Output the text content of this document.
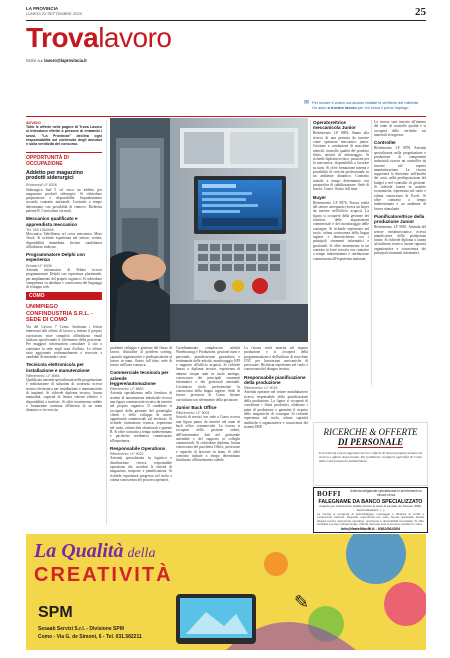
LA PROVINCIA
LUNEDÌ 22 SETTEMBRE 2025	25
Trovalavoro
Scrivi a ▸ lavoro@laprovincia.it
✉ Per inviare il vostro curriculum visitate le verifiche del mittente.
Un aiuto a trovare lavoro per chi cerca il primo impiego
AVVISO
Tutte le offerte nelle pagine di Trova Lavoro si intendono riferite a persone di entrambi i sessi. "La Provincia" declina ogni responsabilità sul contenuto degli annunci e sulla veridicità del concorso.
OPPORTUNITÀ DI OCCUPAZIONE
Addetto per magazzino prodotti siderurgici
Erbamont/ LF 8306
Siderurgica Sud 5 srl cerca un addetto per magazzino prodotti siderurgici. Si richiedono preparazione e disponibilità. Inquadramento secondo contratto nazionale. Contratto a tempo determinato con possibilità di rinnovo. Richiesta patente B. Curriculum via mail.
Meccanico qualificato e apprendista meccanico
Tel. 349 1364948
Meccanica Valtellinese srl cerca meccanico Moto Truck. Si richiede esperienza nel settore, serietà, disponibilità immediata. Inviare candidatura all'indirizzo indicato.
Programmatore Delphi con esperienza
Erbaia/ LF 8308
Azienda informatica di Erbaia ricerca programmatore Delphi con esperienza pluriennale, per ampliamento del proprio organico. Si richiedono competenze su database e conoscenza dei linguaggi di sviluppo web.
COMO
UNIMPIEGO CONFINDUSTRIA S.R.L. - SEDE DI COMO
Via del Lavoro 7 Como. Invitiamo i lettori interessati alle offerte di lavoro a inviare il proprio curriculum vitae completo all'indirizzo email indicato specificando il riferimento della posizione. Per maggiori informazioni consultare il sito o contattare la sede negli orari d'ufficio. Le offerte sono aggiornate settimanalmente e riservate a candidati di entrambi i sessi.
Tecnico/a elettronico/a per installazione e manutenzione
Riferimento: LF 8984
Qualificata azienda specializzata nella progettazione e realizzazione di soluzioni di sicurezza ricerca tecnico elettronico per installazione e manutenzione di impianti. Si richiede diploma tecnico, buona manualità, capacità di lettura schemi elettrici e disponibilità a trasferte. Si offre inserimento stabile e formazione continua all'interno di un team dinamico e in crescita.
problemi sviluppo e gestione del flusso di lavoro. Attitudine al problem solving, capacità organizzative e predisposizione al lavoro in team. Orario full time, sede di lavoro nell'area comasca.
Commerciale tecnico/a per aziende leggere/automazione
Riferimento: LF 8863
Azienda specializzata nella fornitura di sistemi di automazione industriale ricerca una figura commerciale tecnica da inserire nel proprio organico. Il candidato si occuperà della gestione del portafoglio clienti e dello sviluppo di nuove opportunità commerciali sul territorio. Si richiede formazione tecnica, esperienza nel ruolo, ottime doti relazionali e patente B. Si offre contratto a tempo indeterminato e pacchetto retributivo commisurato all'esperienza.
Responsabile Operations
Riferimento: LF 9022
Azienda specializzata in logistica e distribuzione ricerca responsabile operations che coordini le attività di magazzino, trasporto e pianificazione. Si richiede esperienza pregressa nel ruolo e ottima conoscenza dei processi operativi.
Coordinamento complessivo attività Warehousing e Produzione, gestione turni e personale, pianificazione giornaliera e settimanale delle attività, monitoraggio KPI e supporto all'ufficio acquisti. Si richiede laurea o diploma tecnico, esperienza di almeno cinque anni in ruolo analogo, conoscenza dei principali strumenti informatici e dei gestionali aziendali. Costituisce titolo preferenziale la conoscenza della lingua inglese. Sede di lavoro: provincia di Como. Inviare curriculum con riferimento della posizione.
Junior Back Office
Riferimento: LF 9004
Società di servizi con sede a Como ricerca una figura junior da inserire nel team di back office commerciale. La risorsa si occuperà della gestione ordini, dell'inserimento dati nel gestionale aziendale e del supporto ai colleghi commerciali. Si richiedono diploma, buona conoscenza del pacchetto Office, precisione e capacità di lavorare in team. Si offre contratto iniziale a tempo determinato finalizzato all'inserimento stabile.
La risorsa verrà inserita nel reparto produzione e si occuperà della programmazione e dell'utilizzo di macchine CNC per lavorazioni meccaniche di precisione. Richiesta esperienza nel ruolo e conoscenza del disegno tecnico.
Responsabile pianificazione della produzione
Riferimento: LF 9015
Azienda operante nel settore manifatturiero ricerca responsabile della pianificazione della produzione. La figura si occuperà di coordinare i flussi produttivi, elaborare i piani di produzione e garantire il rispetto delle tempistiche di consegna. Si richiede esperienza nel ruolo, ottime capacità analitiche e organizzative e conoscenza dei sistemi ERP.
Operatore/trice meccanico/a Junior
Riferimento: LF 8883. Siamo alla ricerca di una persona da inserire come operatore meccanico junior. Gestione e conduzione di macchine utensili, controllo qualità del prodotto finito, attività di attrezzaggio. Si richiede diploma tecnico, passione per la meccanica, disponibilità a lavorare su turni. Si offre formazione interna e possibilità di crescita professionale in un ambiente dinamico. Contratto iniziale a tempo determinato con prospettiva di stabilizzazione. Sede di lavoro: Como. Orario full time.
Buyer
Riferimento: LF 9076. Nuova realtà del settore aerospazio ricerca un buyer da inserire nell'ufficio acquisti. La figura si occuperà della gestione dei fornitori, delle negoziazioni commerciali e del monitoraggio delle consegne. Si richiede esperienza nel ruolo, ottima conoscenza della lingua inglese e dimestichezza con i principali strumenti informatici e gestionali. Si offre inserimento in un contesto in forte crescita con contratto a tempo indeterminato e retribuzione commisurata all'esperienza maturata.
La risorsa sarà inserita all'interno del team di controllo qualità e si occuperà delle verifiche sui materiali in ingresso.
Controller
Riferimento: LF 9078. Azienda specializzata nella progettazione e produzione di componenti industriali ricerca un controller da inserire nel reparto amministrazione. La risorsa supporterà la direzione nell'analisi dei costi, nella predisposizione del budget e nel controllo di gestione. Si richiede laurea in materie economiche, esperienza nel ruolo e ottima conoscenza di Excel. Si offre contratto a tempo indeterminato e un ambiente di lavoro stimolante.
Pianificatore/trice della produzione Junior
Riferimento: LF 9081. Azienda del settore metalmeccanico ricerca pianificatore della produzione junior. Si richiede diploma o laurea ad indirizzo tecnico, buone capacità organizzative e conoscenza dei principali strumenti informatici.
RICERCHE & OFFERTE
DI PERSONALE
Il servizio di Lavoro Agenzia ricerca e offerte di lavoro propone annunci di ricerca e offerte di personale. Per pubblicare rivolgersi agli uffici di Como della Concessionaria pubblicitaria.
BOFFI	Azienda artigianale specializzata in arredamenti su misura cerca
FALEGNAME DA BANCO SPECIALIZZATO
esperto per inserimento stabile presso la sede di Lentate sul Seveso (MB). Vedi Indicazioni: (...)
La risorsa si occuperà di assemblaggio, montaggio e rifinitura di mobili e componenti d'arredo. Requisiti: esperienza nel ruolo, buona manualità, lettura disegni tecnici, autonomia operativa, precisione e disponibilità immediata. Si offre contratto a tempo indeterminato. Offerta riservata solo a persone residenti in zona.
info@fratelliboffi.it - 0362/564304
✎
La Qualità della
CREATIVITÀ
SPM
Sesaab Servizi S.r.l. - Divisione SPM
Como - Via G. de Simoni, 6 - Tel. 031.582211
